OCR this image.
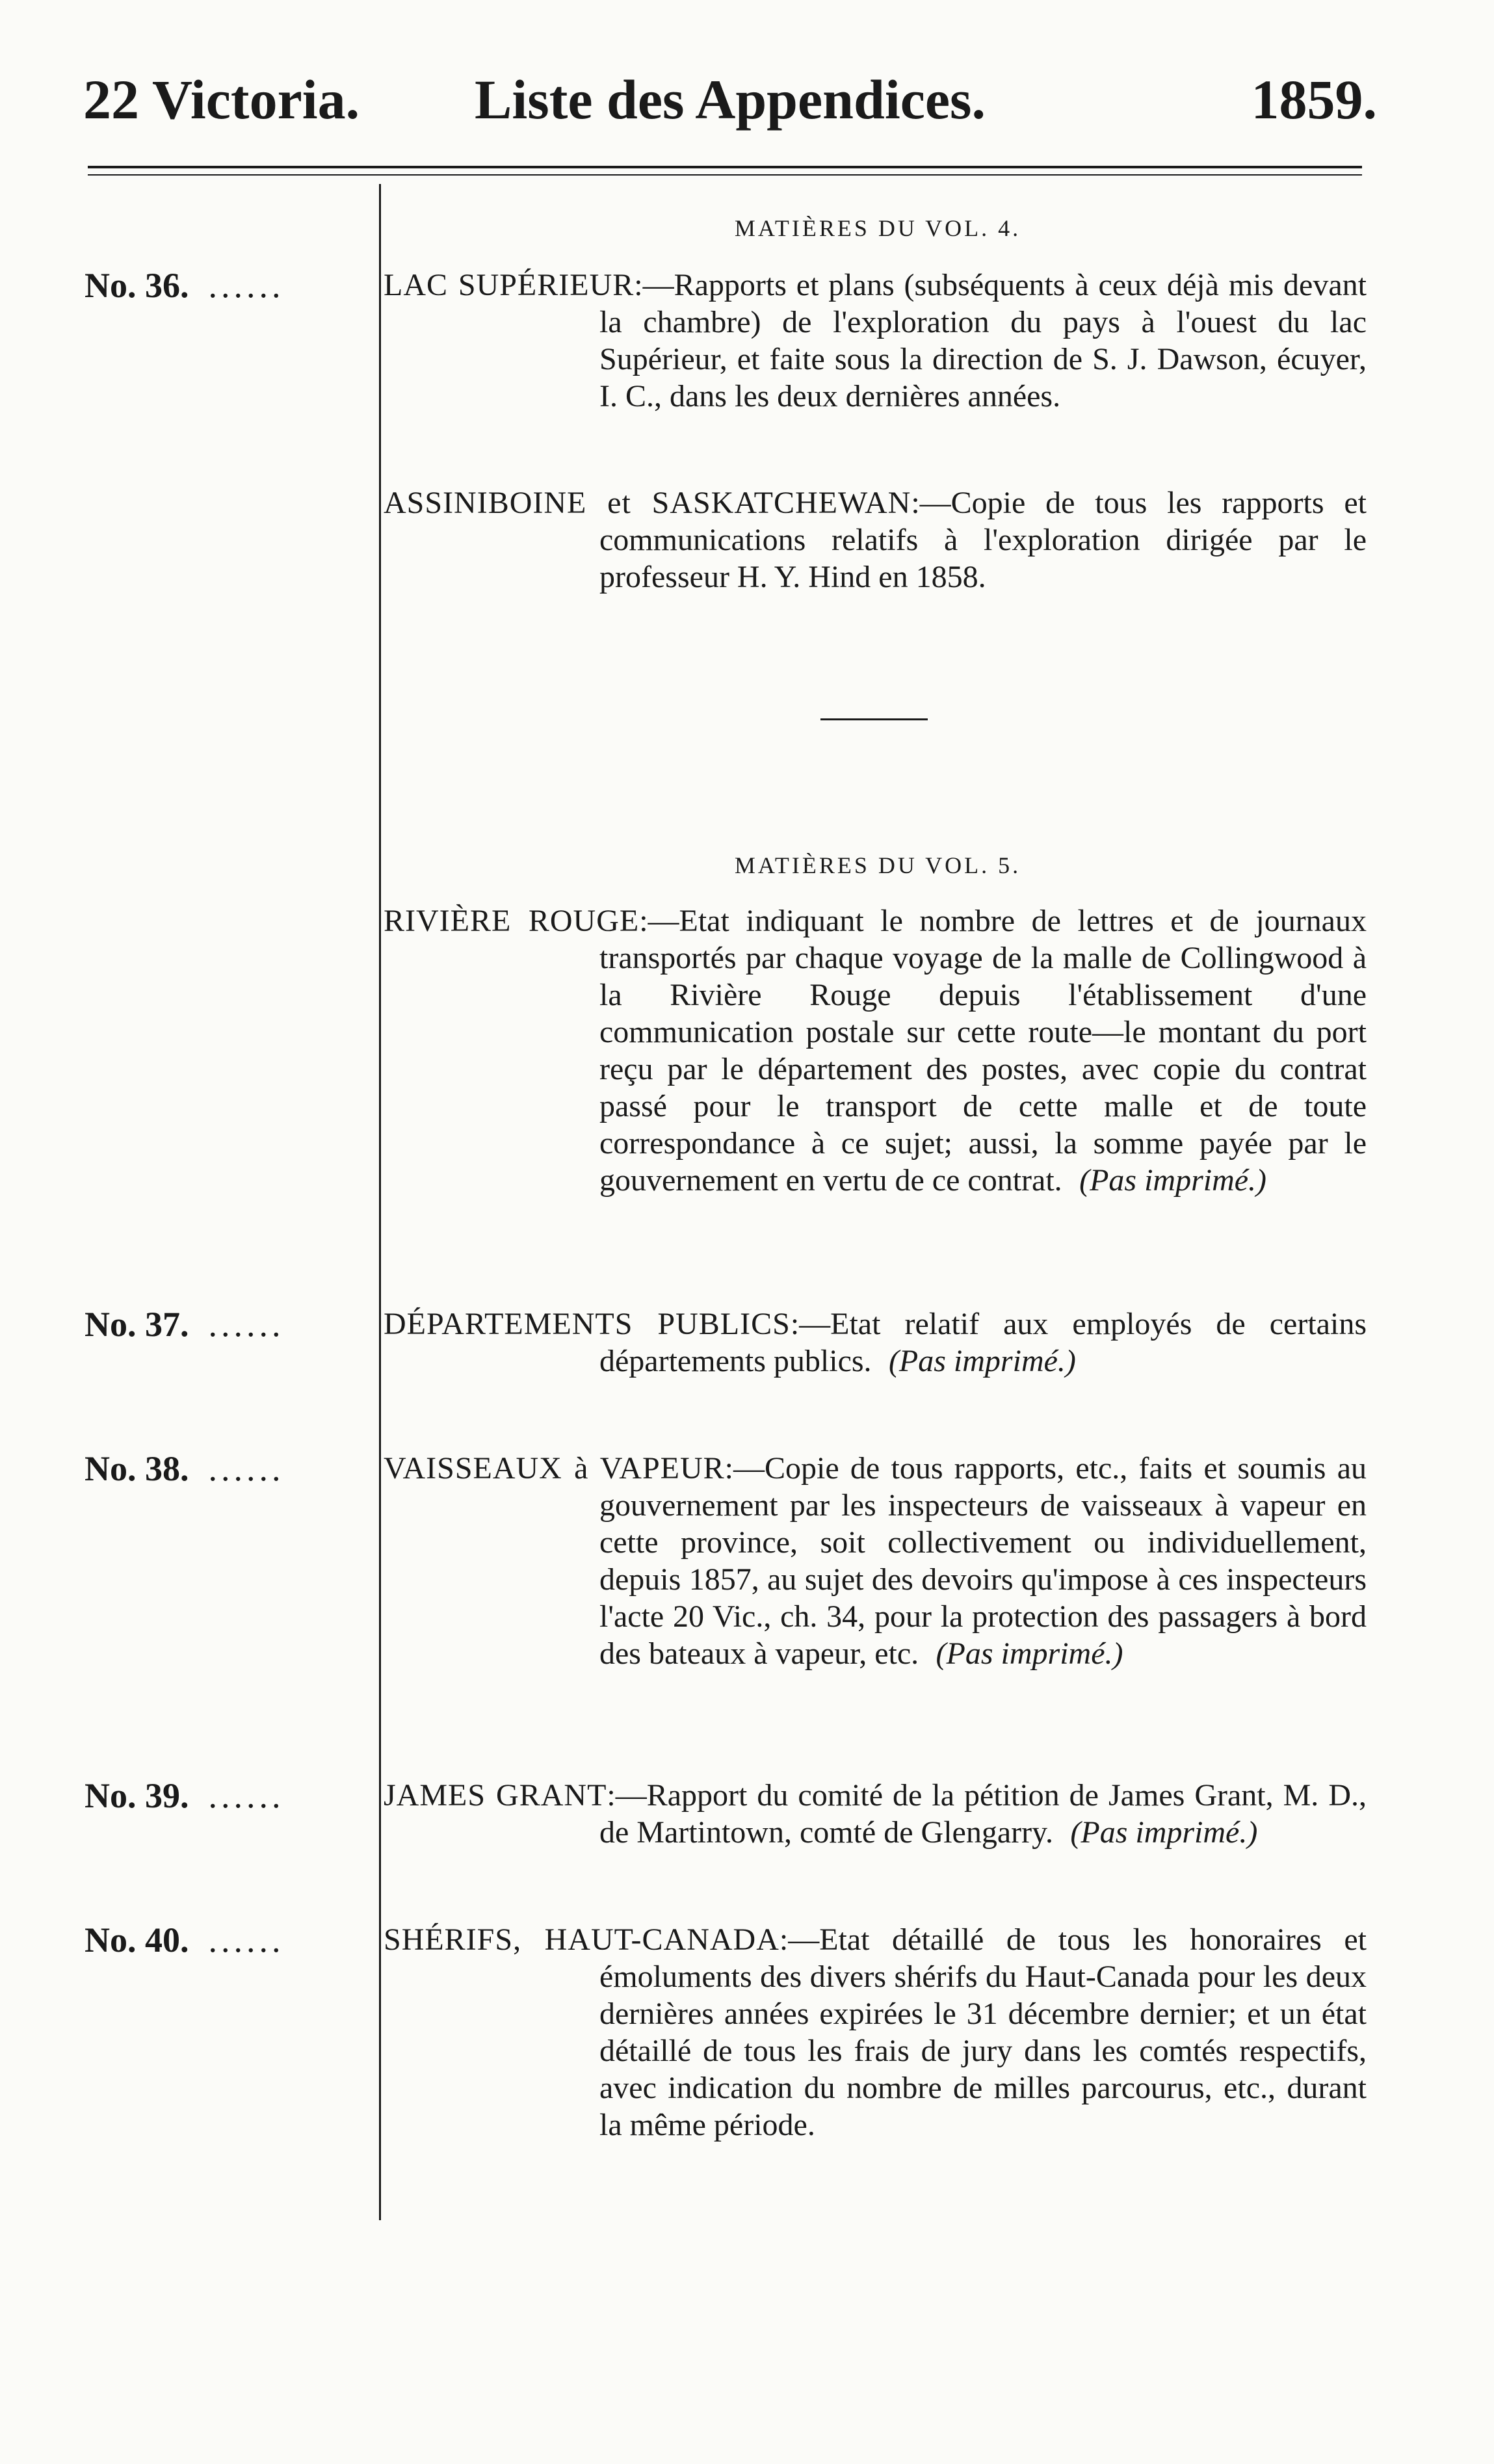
22 Victoria.	Liste des Appendices.	1859.
MATIÈRES DU VOL. 4.
No. 36. ......	LAC SUPÉRIEUR:—Rapports et plans (subséquents à ceux déjà mis devant la chambre) de l'exploration du pays à l'ouest du lac Supérieur, et faite sous la direction de S. J. Dawson, écuyer, I. C., dans les deux dernières années.
ASSINIBOINE et SASKATCHEWAN:—Copie de tous les rapports et communications relatifs à l'exploration dirigée par le professeur H. Y. Hind en 1858.
MATIÈRES DU VOL. 5.
RIVIÈRE ROUGE:—Etat indiquant le nombre de lettres et de journaux transportés par chaque voyage de la malle de Collingwood à la Rivière Rouge depuis l'établissement d'une communication postale sur cette route—le montant du port reçu par le département des postes, avec copie du contrat passé pour le transport de cette malle et de toute correspondance à ce sujet; aussi, la somme payée par le gouvernement en vertu de ce contrat. (Pas imprimé.)
No. 37. ......	DÉPARTEMENTS PUBLICS:—Etat relatif aux employés de certains départements publics. (Pas imprimé.)
No. 38. ......	VAISSEAUX à VAPEUR:—Copie de tous rapports, etc., faits et soumis au gouvernement par les inspecteurs de vaisseaux à vapeur en cette province, soit collectivement ou individuellement, depuis 1857, au sujet des devoirs qu'impose à ces inspecteurs l'acte 20 Vic., ch. 34, pour la protection des passagers à bord des bateaux à vapeur, etc. (Pas imprimé.)
No. 39. ......	JAMES GRANT:—Rapport du comité de la pétition de James Grant, M. D., de Martintown, comté de Glengarry. (Pas imprimé.)
No. 40. ......	SHÉRIFS, HAUT-CANADA:—Etat détaillé de tous les honoraires et émoluments des divers shérifs du Haut-Canada pour les deux dernières années expirées le 31 décembre dernier; et un état détaillé de tous les frais de jury dans les comtés respectifs, avec indication du nombre de milles parcourus, etc., durant la même période.
